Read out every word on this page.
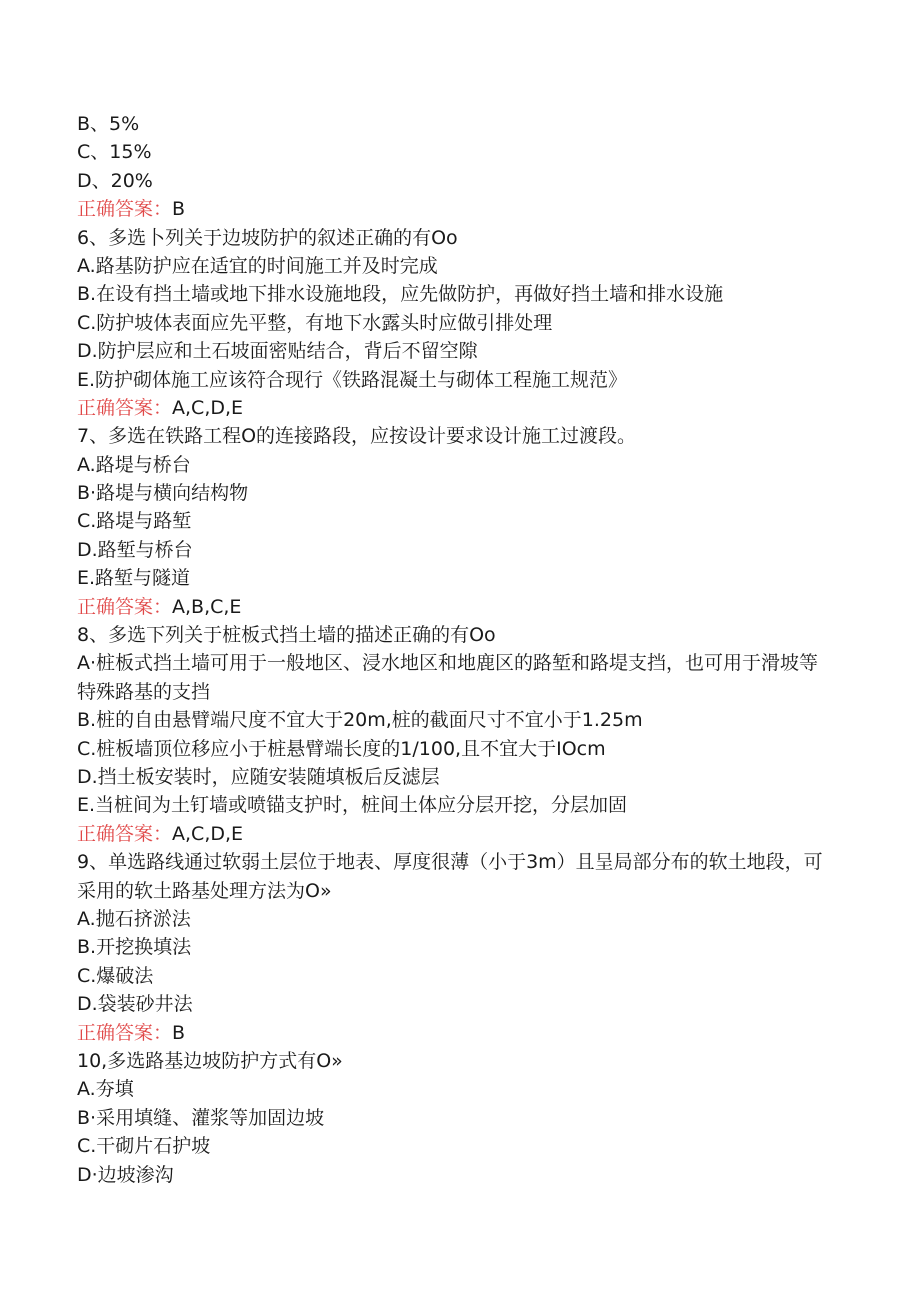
B、5%
C、15%
D、20%
正确答案：B
6、多选卜列关于边坡防护的叙述正确的有Oo
A.路基防护应在适宜的时间施工并及时完成
B.在设有挡土墙或地下排水设施地段，应先做防护，再做好挡土墙和排水设施
C.防护坡体表面应先平整，有地下水露头时应做引排处理
D.防护层应和土石坡面密贴结合，背后不留空隙
E.防护砌体施工应该符合现行《铁路混凝土与砌体工程施工规范》
正确答案：A,C,D,E
7、多选在铁路工程O的连接路段，应按设计要求设计施工过渡段。
A.路堤与桥台
B·路堤与横向结构物
C.路堤与路堑
D.路堑与桥台
E.路堑与隧道
正确答案：A,B,C,E
8、多选下列关于桩板式挡土墙的描述正确的有Oo
A·桩板式挡土墙可用于一般地区、浸水地区和地鹿区的路堑和路堤支挡，也可用于滑坡等特殊路基的支挡
B.桩的自由悬臂端尺度不宜大于20m,桩的截面尺寸不宜小于1.25m
C.桩板墙顶位移应小于桩悬臂端长度的1/100,且不宜大于IOcm
D.挡土板安装时，应随安装随填板后反滤层
E.当桩间为土钉墙或喷锚支护时，桩间土体应分层开挖，分层加固
正确答案：A,C,D,E
9、单选路线通过软弱土层位于地表、厚度很薄（小于3m）且呈局部分布的软土地段，可采用的软土路基处理方法为O»
A.抛石挤淤法
B.开挖换填法
C.爆破法
D.袋装砂井法
正确答案：B
10,多选路基边坡防护方式有O»
A.夯填
B·采用填缝、灌浆等加固边坡
C.干砌片石护坡
D·边坡渗沟
